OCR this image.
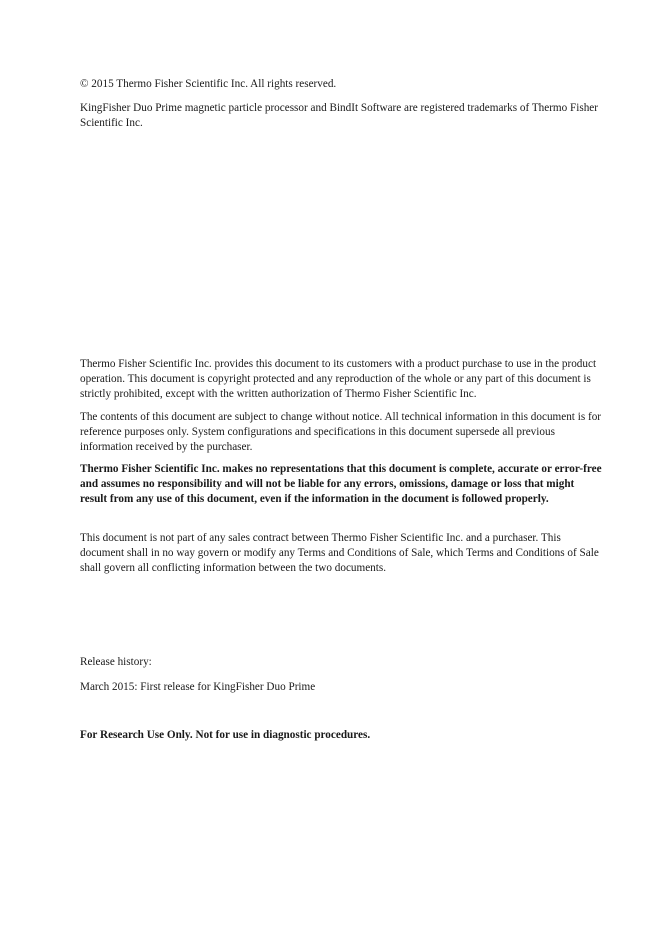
© 2015 Thermo Fisher Scientific Inc. All rights reserved.

KingFisher Duo Prime magnetic particle processor and BindIt Software are registered trademarks of Thermo Fisher Scientific Inc.

Thermo Fisher Scientific Inc. provides this document to its customers with a product purchase to use in the product operation. This document is copyright protected and any reproduction of the whole or any part of this document is strictly prohibited, except with the written authorization of Thermo Fisher Scientific Inc.

The contents of this document are subject to change without notice. All technical information in this document is for reference purposes only. System configurations and specifications in this document supersede all previous information received by the purchaser.

Thermo Fisher Scientific Inc. makes no representations that this document is complete, accurate or error-free and assumes no responsibility and will not be liable for any errors, omissions, damage or loss that might result from any use of this document, even if the information in the document is followed properly.

This document is not part of any sales contract between Thermo Fisher Scientific Inc. and a purchaser. This document shall in no way govern or modify any Terms and Conditions of Sale, which Terms and Conditions of Sale shall govern all conflicting information between the two documents.

Release history:

March 2015: First release for KingFisher Duo Prime

For Research Use Only. Not for use in diagnostic procedures.
